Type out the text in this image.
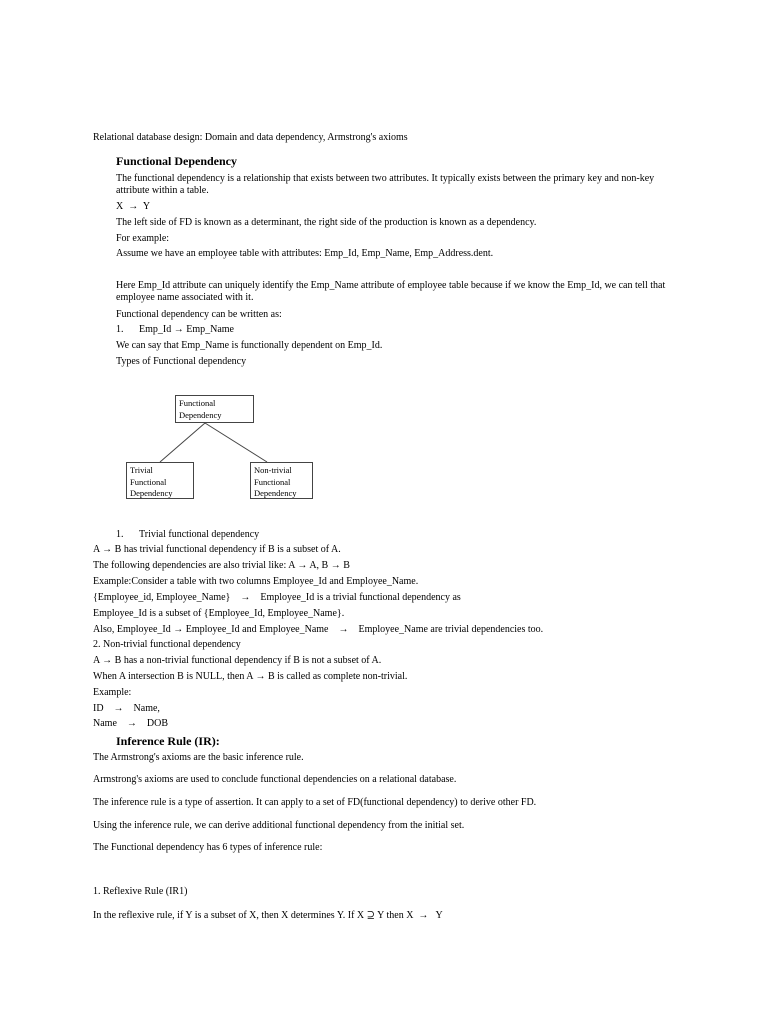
Relational database design: Domain and data dependency, Armstrong's axioms
Functional Dependency
The functional dependency is a relationship that exists between two attributes. It typically exists between the primary key and non-key attribute within a table.
X  →  Y
The left side of FD is known as a determinant, the right side of the production is known as a dependency.
For example:
Assume we have an employee table with attributes: Emp_Id, Emp_Name, Emp_Address.dent.
Here Emp_Id attribute can uniquely identify the Emp_Name attribute of employee table because if we know the Emp_Id, we can tell that employee name associated with it.
Functional dependency can be written as:
1. Emp_Id → Emp_Name
We can say that Emp_Name is functionally dependent on Emp_Id.
Types of Functional dependency
Functional
Dependency
Trivial
Functional
Dependency
Non-trivial
Functional
Dependency
1. Trivial functional dependency
A → B has trivial functional dependency if B is a subset of A.
The following dependencies are also trivial like: A → A, B → B
Example:Consider a table with two columns Employee_Id and Employee_Name.
{Employee_id, Employee_Name}    →    Employee_Id is a trivial functional dependency as
Employee_Id is a subset of {Employee_Id, Employee_Name}.
Also, Employee_Id → Employee_Id and Employee_Name    →    Employee_Name are trivial dependencies too.
2. Non-trivial functional dependency
A → B has a non-trivial functional dependency if B is not a subset of A.
When A intersection B is NULL, then A → B is called as complete non-trivial.
Example:
ID    →    Name,
Name    →    DOB
Inference Rule (IR):
The Armstrong's axioms are the basic inference rule.
Armstrong's axioms are used to conclude functional dependencies on a relational database.
The inference rule is a type of assertion. It can apply to a set of FD(functional dependency) to derive other FD.
Using the inference rule, we can derive additional functional dependency from the initial set.
The Functional dependency has 6 types of inference rule:
1. Reflexive Rule (IR1)
In the reflexive rule, if Y is a subset of X, then X determines Y. If X ⊇ Y then X  →   Y
